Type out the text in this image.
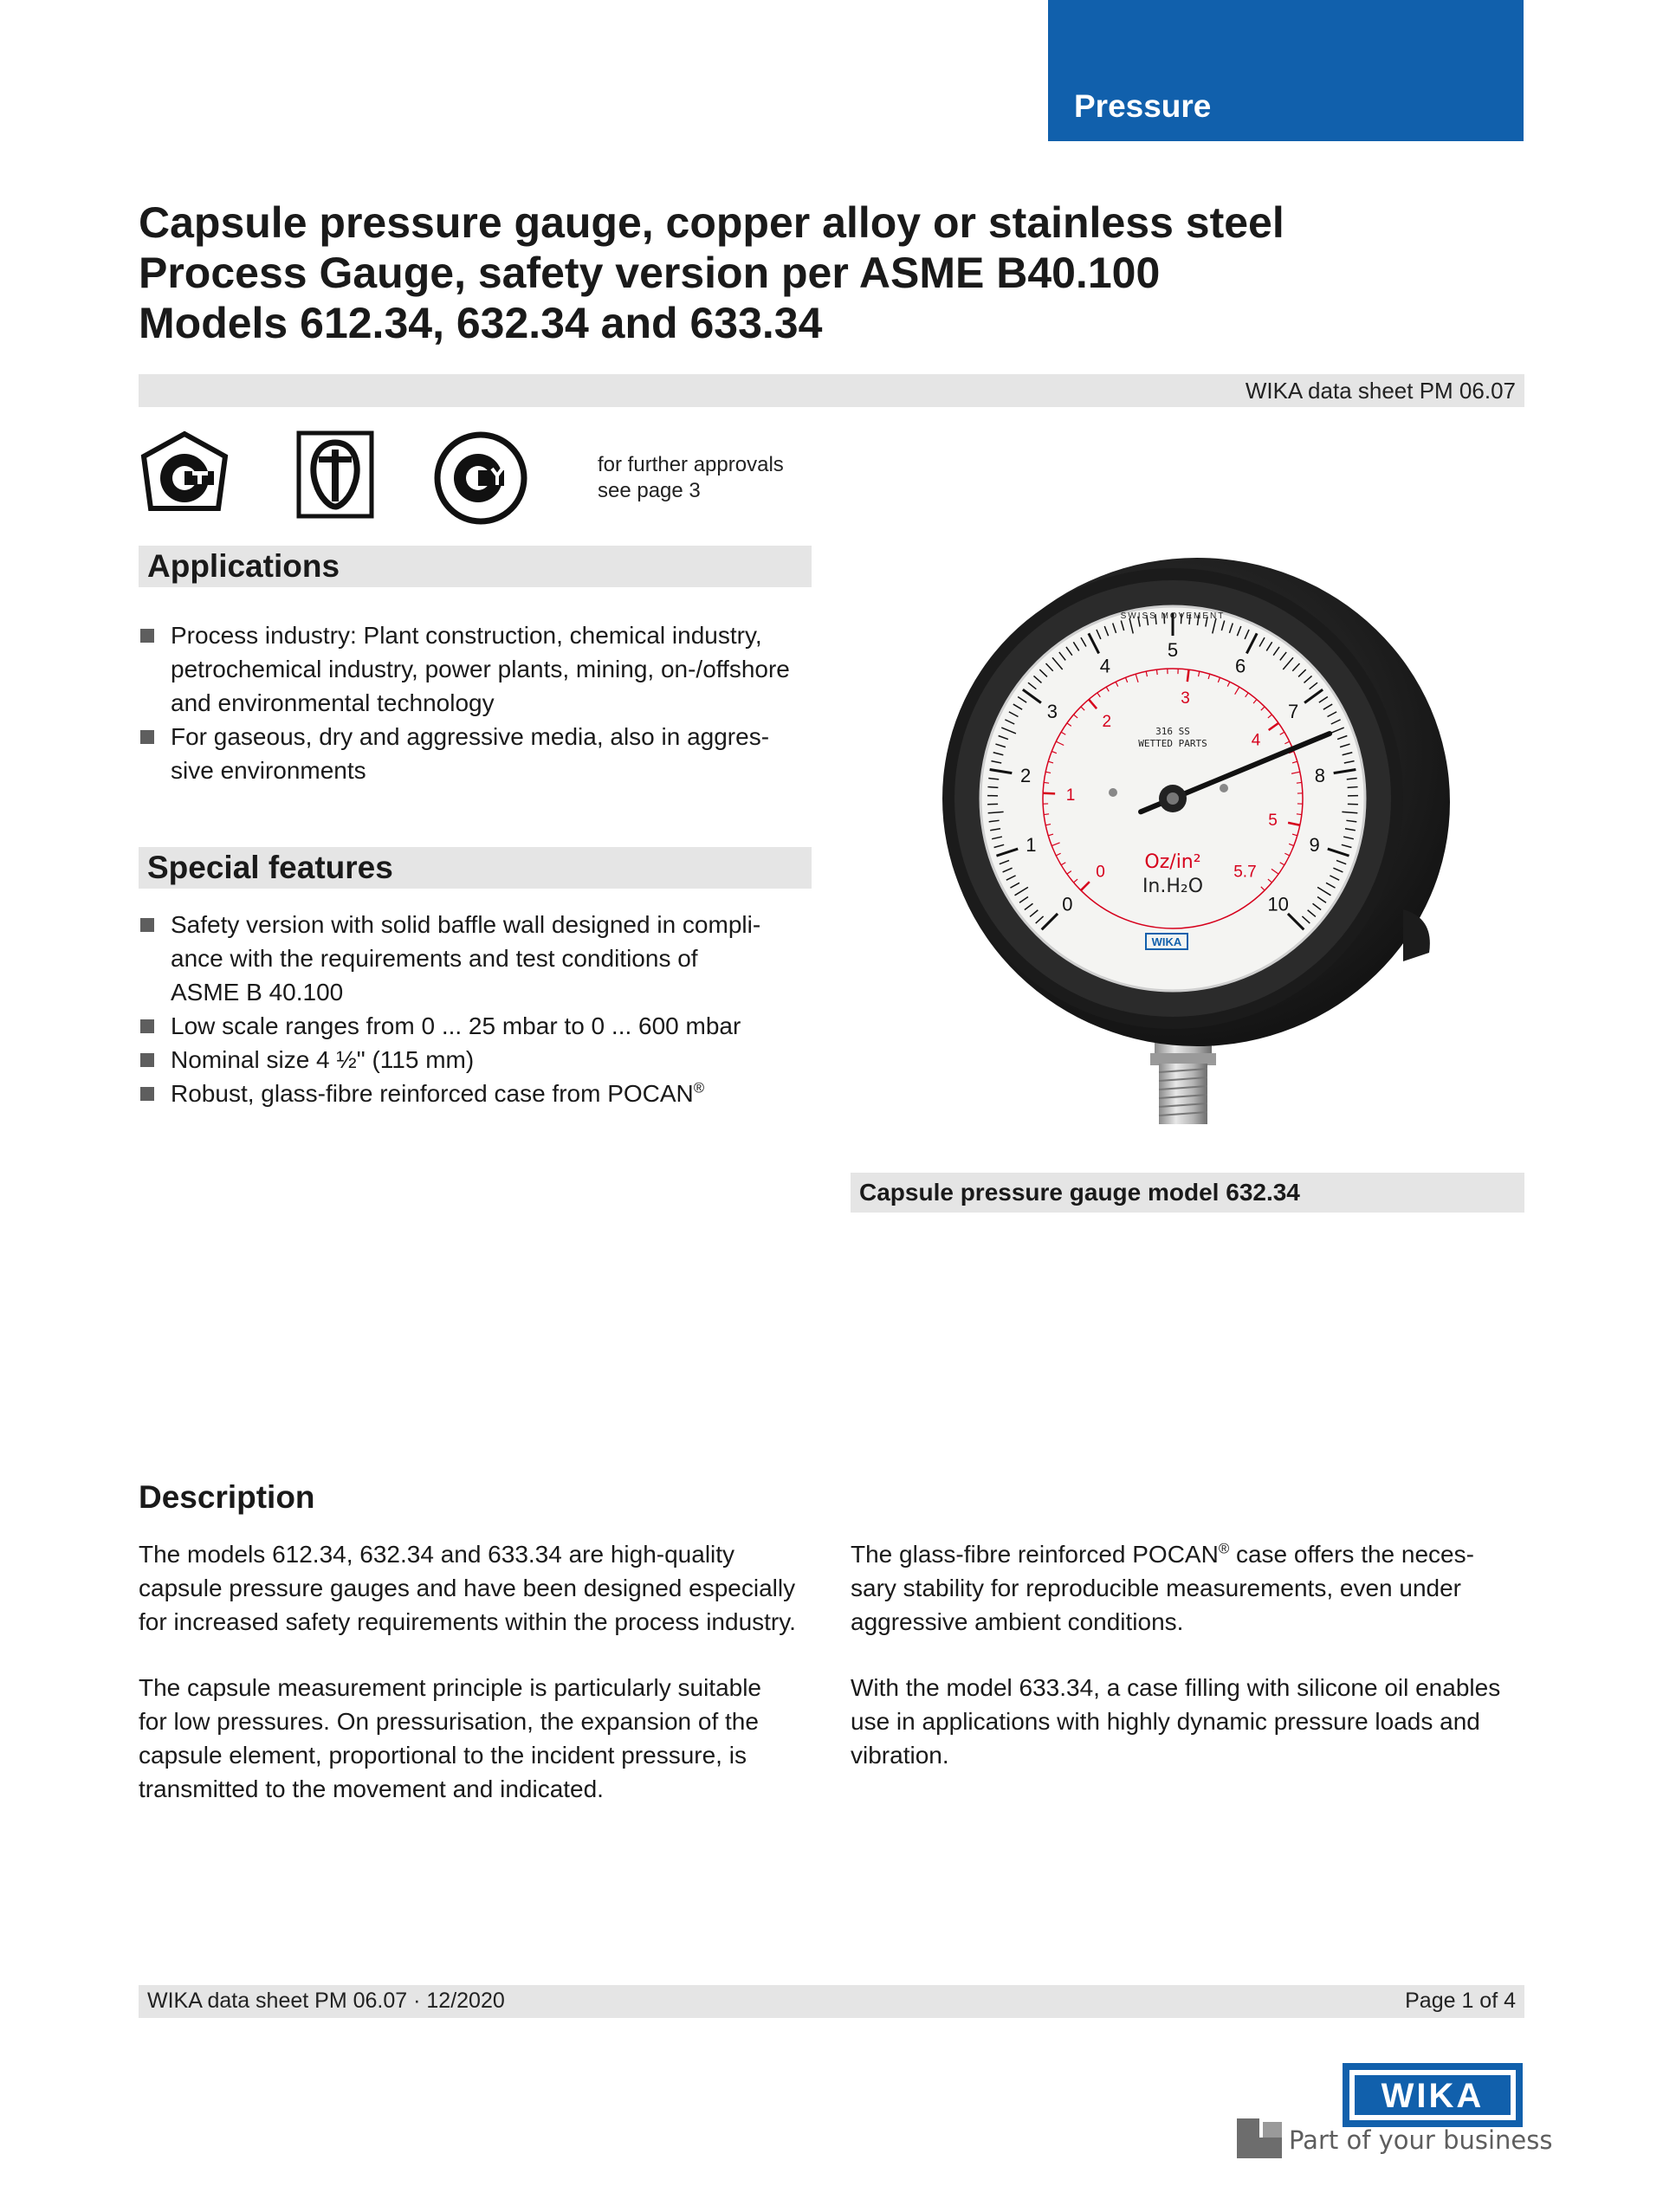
Pressure

Capsule pressure gauge, copper alloy or stainless steel

Process Gauge, safety version per ASME B40.100

Models 612.34, 632.34 and 633.34

WIKA data sheet PM 06.07
for further approvals
see page 3
Applications
Process industry: Plant construction, chemical industry,
petrochemical industry, power plants, mining, on-/offshore
and environmental technology
For gaseous, dry and aggressive media, also in aggres-
sive environments
Special features
Safety version with solid baffle wall designed in compli-
ance with the requirements and test conditions of
ASME B 40.100
Low scale ranges from 0 ... 25 mbar to 0 ... 600 mbar
Nominal size 4 ½" (115 mm)
Robust, glass-fibre reinforced case from POCAN®
0
1
2
3
4
5
6
7
8
9
10
0
1
2
3
4
5
5.7
SWISS MOVEMENT
316 SS
WETTED PARTS
Oz/in²
In.H₂O
WIKA
Capsule pressure gauge model 632.34
Description

The models 612.34, 632.34 and 633.34 are high-quality
capsule pressure gauges and have been designed especially
for increased safety requirements within the process industry.

The capsule measurement principle is particularly suitable
for low pressures. On pressurisation, the expansion of the
capsule element, proportional to the incident pressure, is
transmitted to the movement and indicated.

The glass-fibre reinforced POCAN® case offers the neces-
sary stability for reproducible measurements, even under
aggressive ambient conditions.

With the model 633.34, a case filling with silicone oil enables
use in applications with highly dynamic pressure loads and
vibration.

WIKA data sheet PM 06.07 · 12/2020	Page 1 of 4
WIKA
Part of your business
